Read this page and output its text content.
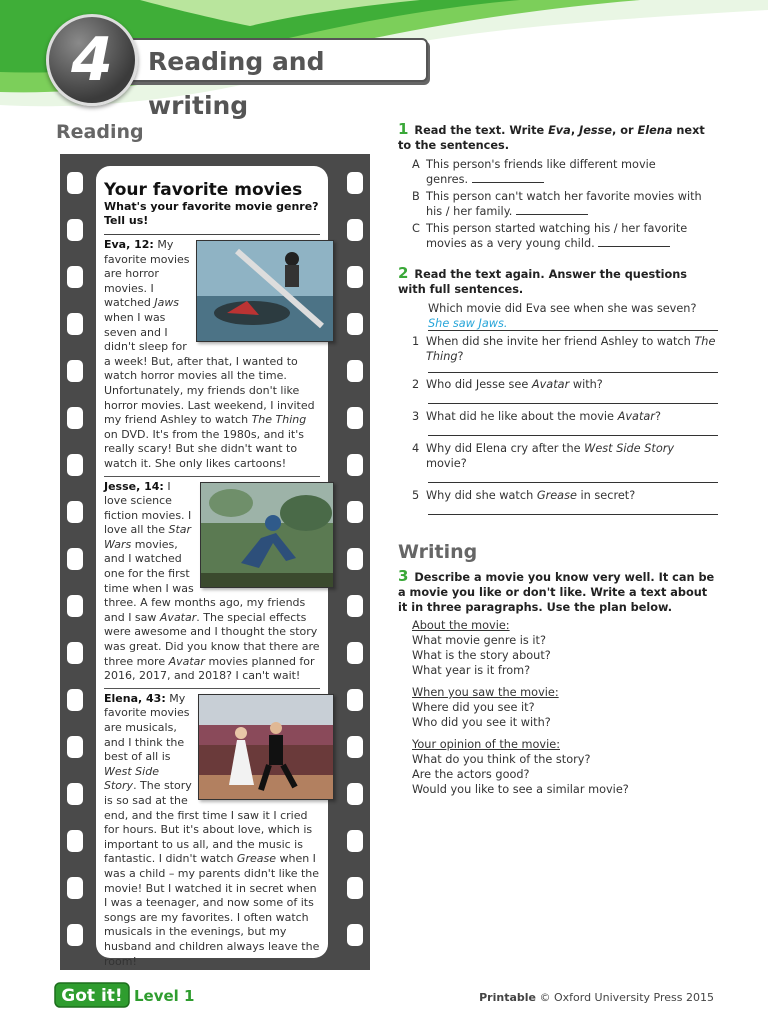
4	Reading and writing
Reading
Your favorite movies
What's your favorite movie genre? Tell us!
Eva, 12: My favorite movies are horror movies. I watched Jaws when I was seven and I didn't sleep for a week! But, after that, I wanted to watch horror movies all the time. Unfortunately, my friends don't like horror movies. Last weekend, I invited my friend Ashley to watch The Thing on DVD. It's from the 1980s, and it's really scary! But she didn't want to watch it. She only likes cartoons!
Jesse, 14: I love science fiction movies. I love all the Star Wars movies, and I watched one for the first time when I was three. A few months ago, my friends and I saw Avatar. The special effects were awesome and I thought the story was great. Did you know that there are three more Avatar movies planned for 2016, 2017, and 2018? I can't wait!
Elena, 43: My favorite movies are musicals, and I think the best of all is West Side Story. The story is so sad at the end, and the first time I saw it I cried for hours. But it's about love, which is important to us all, and the music is fantastic. I didn't watch Grease when I was a child – my parents didn't like the movie! But I watched it in secret when I was a teenager, and now some of its songs are my favorites. I often watch musicals in the evenings, but my husband and children always leave the room!
1 Read the text. Write Eva, Jesse, or Elena next to the sentences.
A This person's friends like different movie genres.
B This person can't watch her favorite movies with his / her family.
C This person started watching his / her favorite movies as a very young child.
2 Read the text again. Answer the questions with full sentences.
Which movie did Eva see when she was seven?
She saw Jaws.
1 When did she invite her friend Ashley to watch The Thing?
2 Who did Jesse see Avatar with?
3 What did he like about the movie Avatar?
4 Why did Elena cry after the West Side Story movie?
5 Why did she watch Grease in secret?
Writing
3 Describe a movie you know very well. It can be a movie you like or don't like. Write a text about it in three paragraphs. Use the plan below.
About the movie:
What movie genre is it?
What is the story about?
What year is it from?
When you saw the movie:
Where did you see it?
Who did you see it with?
Your opinion of the movie:
What do you think of the story?
Are the actors good?
Would you like to see a similar movie?
Got it! Level 1	Printable © Oxford University Press 2015
